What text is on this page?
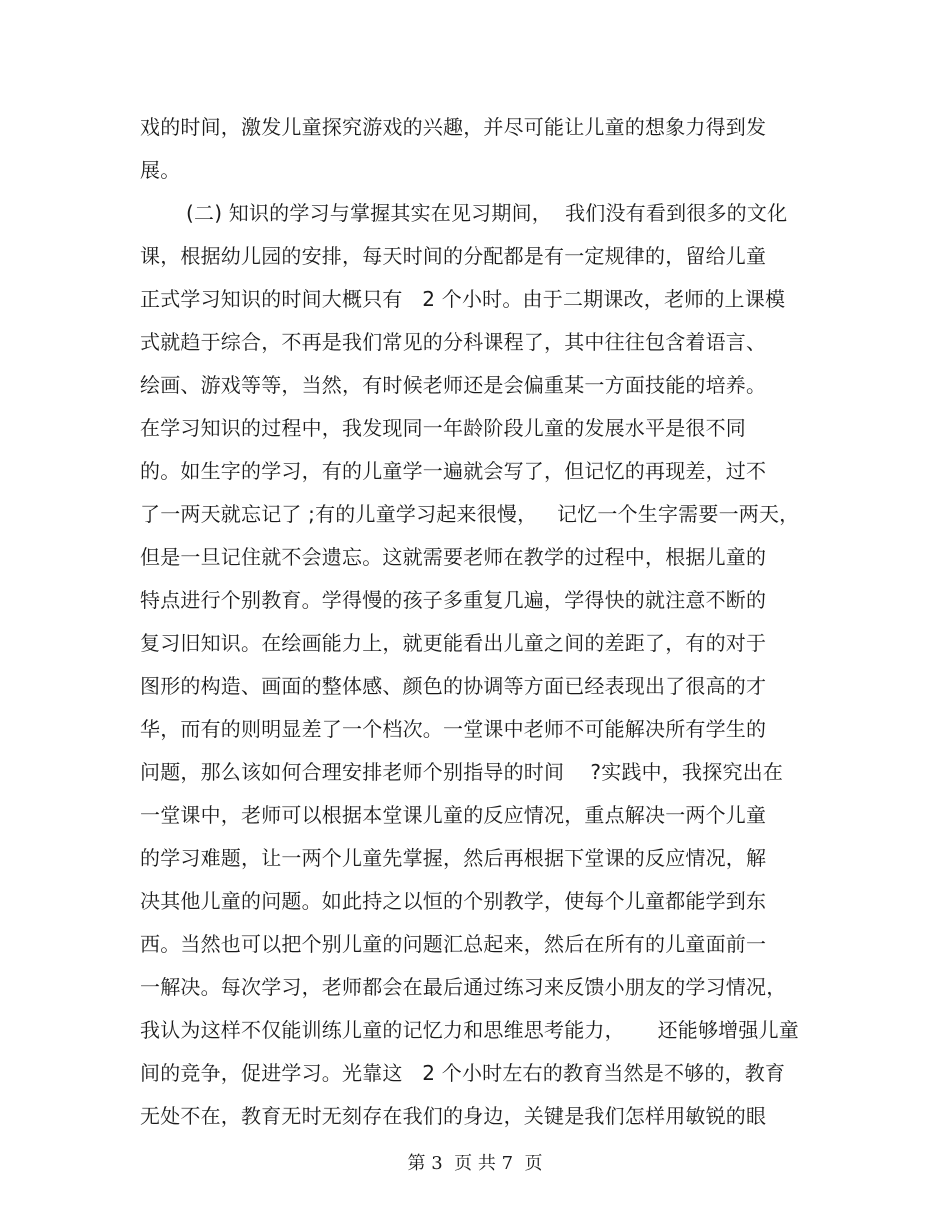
戏的时间，激发儿童探究游戏的兴趣，并尽可能让儿童的想象力得到发
展。
(二) 知识的学习与掌握其实在见习期间，  我们没有看到很多的文化
课，根据幼儿园的安排，每天时间的分配都是有一定规律的，留给儿童
正式学习知识的时间大概只有   2 个小时。由于二期课改，老师的上课模
式就趋于综合，不再是我们常见的分科课程了，其中往往包含着语言、
绘画、游戏等等，当然，有时候老师还是会偏重某一方面技能的培养。
在学习知识的过程中，我发现同一年龄阶段儿童的发展水平是很不同
的。如生字的学习，有的儿童学一遍就会写了，但记忆的再现差，过不
了一两天就忘记了 ;有的儿童学习起来很慢，   记忆一个生字需要一两天，
但是一旦记住就不会遗忘。这就需要老师在教学的过程中，根据儿童的
特点进行个别教育。学得慢的孩子多重复几遍，学得快的就注意不断的
复习旧知识。在绘画能力上，就更能看出儿童之间的差距了，有的对于
图形的构造、画面的整体感、颜色的协调等方面已经表现出了很高的才
华，而有的则明显差了一个档次。一堂课中老师不可能解决所有学生的
问题，那么该如何合理安排老师个别指导的时间    ?实践中，我探究出在
一堂课中，老师可以根据本堂课儿童的反应情况，重点解决一两个儿童
的学习难题，让一两个儿童先掌握，然后再根据下堂课的反应情况，解
决其他儿童的问题。如此持之以恒的个别教学，使每个儿童都能学到东
西。当然也可以把个别儿童的问题汇总起来，然后在所有的儿童面前一
一解决。每次学习，老师都会在最后通过练习来反馈小朋友的学习情况，
我认为这样不仅能训练儿童的记忆力和思维思考能力，     还能够增强儿童
间的竞争，促进学习。光靠这   2 个小时左右的教育当然是不够的，教育
无处不在，教育无时无刻存在我们的身边，关键是我们怎样用敏锐的眼
第 3  页 共 7  页
